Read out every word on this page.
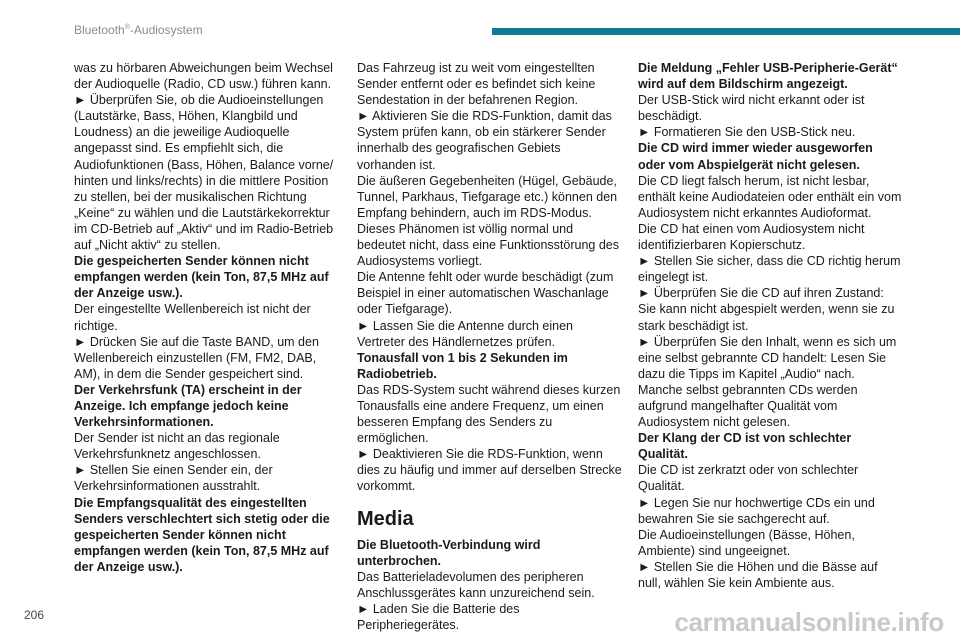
Bluetooth®-Audiosystem

was zu hörbaren Abweichungen beim Wechsel der Audioquelle (Radio, CD usw.) führen kann.

► Überprüfen Sie, ob die Audioeinstellungen (Lautstärke, Bass, Höhen, Klangbild und Loudness) an die jeweilige Audioquelle angepasst sind. Es empfiehlt sich, die Audiofunktionen (Bass, Höhen, Balance vorne/ hinten und links/rechts) in die mittlere Position zu stellen, bei der musikalischen Richtung „Keine“ zu wählen und die Lautstärkekorrektur im CD-Betrieb auf „Aktiv“ und im Radio-Betrieb auf „Nicht aktiv“ zu stellen.

Die gespeicherten Sender können nicht empfangen werden (kein Ton, 87,5 MHz auf der Anzeige usw.).

Der eingestellte Wellenbereich ist nicht der richtige.

► Drücken Sie auf die Taste BAND, um den Wellenbereich einzustellen (FM, FM2, DAB, AM), in dem die Sender gespeichert sind.

Der Verkehrsfunk (TA) erscheint in der Anzeige. Ich empfange jedoch keine Verkehrsinformationen.

Der Sender ist nicht an das regionale Verkehrsfunknetz angeschlossen.

► Stellen Sie einen Sender ein, der Verkehrsinformationen ausstrahlt.

Die Empfangsqualität des eingestellten Senders verschlechtert sich stetig oder die gespeicherten Sender können nicht empfangen werden (kein Ton, 87,5 MHz auf der Anzeige usw.).

Das Fahrzeug ist zu weit vom eingestellten Sender entfernt oder es befindet sich keine Sendestation in der befahrenen Region.

► Aktivieren Sie die RDS-Funktion, damit das System prüfen kann, ob ein stärkerer Sender innerhalb des geografischen Gebiets vorhanden ist.

Die äußeren Gegebenheiten (Hügel, Gebäude, Tunnel, Parkhaus, Tiefgarage etc.) können den Empfang behindern, auch im RDS-Modus.

Dieses Phänomen ist völlig normal und bedeutet nicht, dass eine Funktionsstörung des Audiosystems vorliegt.

Die Antenne fehlt oder wurde beschädigt (zum Beispiel in einer automatischen Waschanlage oder Tiefgarage).

► Lassen Sie die Antenne durch einen Vertreter des Händlernetzes prüfen.

Tonausfall von 1 bis 2 Sekunden im Radiobetrieb.

Das RDS-System sucht während dieses kurzen Tonausfalls eine andere Frequenz, um einen besseren Empfang des Senders zu ermöglichen.

► Deaktivieren Sie die RDS-Funktion, wenn dies zu häufig und immer auf derselben Strecke vorkommt.

Media

Die Bluetooth-Verbindung wird unterbrochen.

Das Batterieladevolumen des peripheren Anschlussgerätes kann unzureichend sein.

► Laden Sie die Batterie des Peripheriegerätes.

Die Meldung „Fehler USB-Peripherie-Gerät“ wird auf dem Bildschirm angezeigt.

Der USB-Stick wird nicht erkannt oder ist beschädigt.

► Formatieren Sie den USB-Stick neu.

Die CD wird immer wieder ausgeworfen oder vom Abspielgerät nicht gelesen.

Die CD liegt falsch herum, ist nicht lesbar, enthält keine Audiodateien oder enthält ein vom Audiosystem nicht erkanntes Audioformat.

Die CD hat einen vom Audiosystem nicht identifizierbaren Kopierschutz.

► Stellen Sie sicher, dass die CD richtig herum eingelegt ist.

► Überprüfen Sie die CD auf ihren Zustand: Sie kann nicht abgespielt werden, wenn sie zu stark beschädigt ist.

► Überprüfen Sie den Inhalt, wenn es sich um eine selbst gebrannte CD handelt: Lesen Sie dazu die Tipps im Kapitel „Audio“ nach.

Manche selbst gebrannten CDs werden aufgrund mangelhafter Qualität vom Audiosystem nicht gelesen.

Der Klang der CD ist von schlechter Qualität.

Die CD ist zerkratzt oder von schlechter Qualität.

► Legen Sie nur hochwertige CDs ein und bewahren Sie sie sachgerecht auf.

Die Audioeinstellungen (Bässe, Höhen, Ambiente) sind ungeeignet.

► Stellen Sie die Höhen und die Bässe auf null, wählen Sie kein Ambiente aus.

206	carmanualsonline.info
